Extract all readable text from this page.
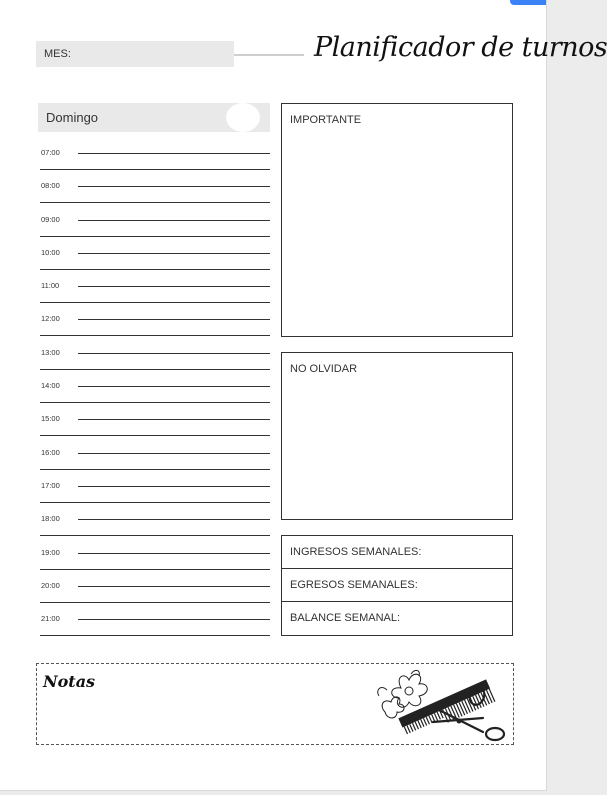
MES:	Planificador de turnos
Domingo
07:00
08:00
09:00
10:00
11:00
12:00
13:00
14:00
15:00
16:00
17:00
18:00
19:00
20:00
21:00
IMPORTANTE
NO OLVIDAR
INGRESOS SEMANALES:
EGRESOS SEMANALES:
BALANCE SEMANAL:
Notas
